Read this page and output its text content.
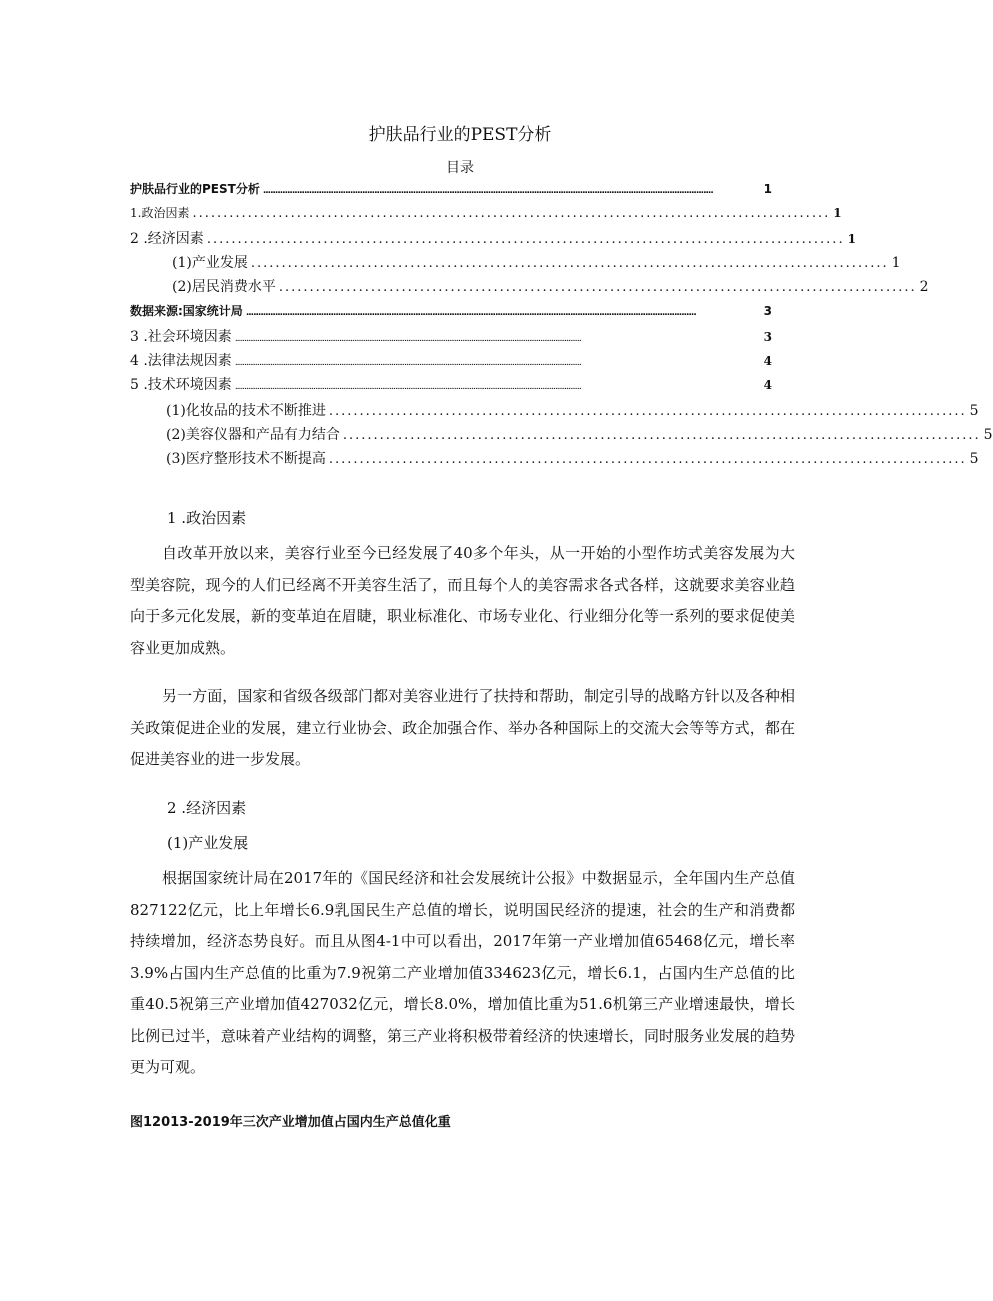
护肤品行业的PEST分析
目录
护肤品行业的PEST分析 ..........................................................................................................................................................................................	1
1.政治因素 ........................................................................................................ 1
2 .经济因素 ........................................................................................................ 1
(1)产业发展 ........................................................................................................ 1
(2)居民消费水平 ........................................................................................................ 2
数据来源:国家统计局 ..........................................................................................................................................................................................	3
3 .社会环境因素 ..........................................................................................................................................................................................	3
4 .法律法规因素 ..........................................................................................................................................................................................	4
5 .技术环境因素 ..........................................................................................................................................................................................	4
(1)化妆品的技术不断推进 ........................................................................................................ 5
(2)美容仪器和产品有力结合 ........................................................................................................ 5
(3)医疗整形技术不断提高 ........................................................................................................ 5
1 .政治因素

自改革开放以来，美容行业至今已经发展了40多个年头，从一开始的小型作坊式美容发展为大型美容院，现今的人们已经离不开美容生活了，而且每个人的美容需求各式各样，这就要求美容业趋向于多元化发展，新的变革迫在眉睫，职业标准化、市场专业化、行业细分化等一系列的要求促使美容业更加成熟。

另一方面，国家和省级各级部门都对美容业进行了扶持和帮助，制定引导的战略方针以及各种相关政策促进企业的发展，建立行业协会、政企加强合作、举办各种国际上的交流大会等等方式，都在促进美容业的进一步发展。

2 .经济因素
(1)产业发展

根据国家统计局在2017年的《国民经济和社会发展统计公报》中数据显示，全年国内生产总值827122亿元，比上年增长6.9乳国民生产总值的增长，说明国民经济的提速，社会的生产和消费都持续增加，经济态势良好。而且从图4-1中可以看出，2017年第一产业增加值65468亿元，增长率3.9%占国内生产总值的比重为7.9祝第二产业增加值334623亿元，增长6.1，占国内生产总值的比重40.5祝第三产业增加值427032亿元，增长8.0%，增加值比重为51.6机第三产业增速最快，增长比例已过半，意味着产业结构的调整，第三产业将积极带着经济的快速增长，同时服务业发展的趋势更为可观。

图12013-2019年三次产业增加值占国内生产总值化重
